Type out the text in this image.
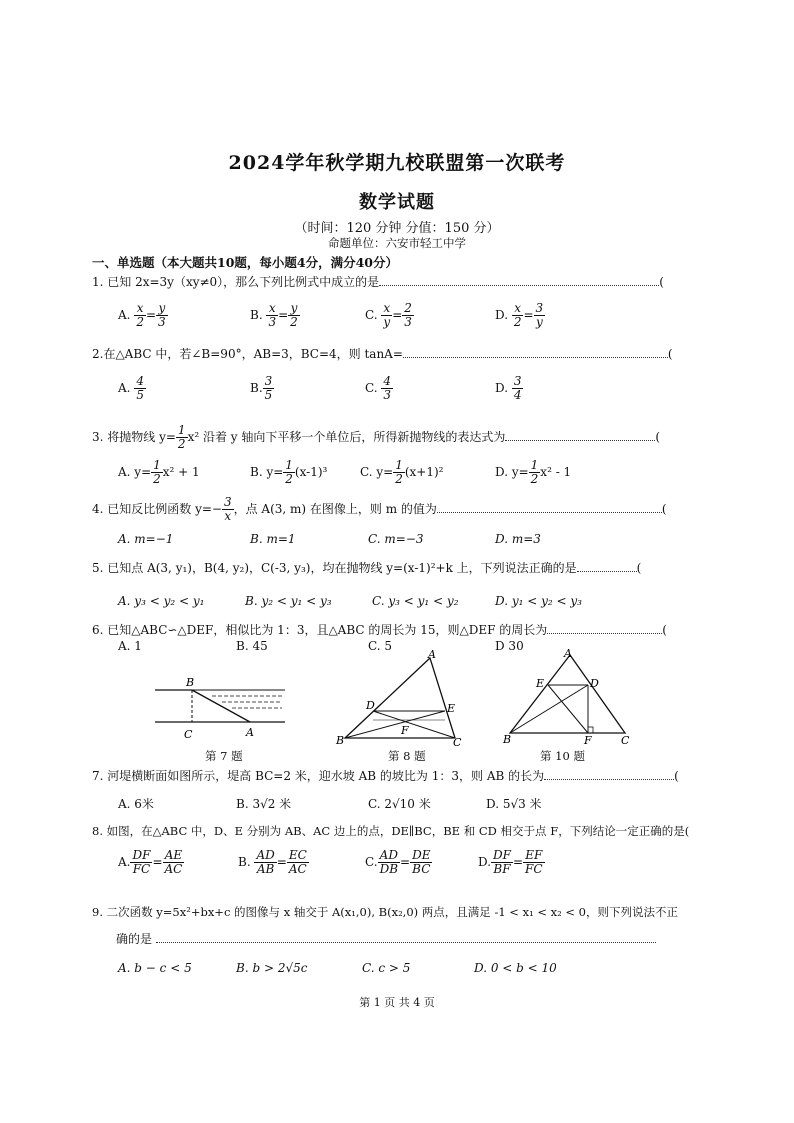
2024学年秋学期九校联盟第一次联考
数学试题
（时间：120 分钟 分值：150 分）
命题单位：六安市轻工中学
一、单选题（本大题共10题，每小题4分，满分40分）
1. 已知 2x=3y（xy≠0），那么下列比例式中成立的是	(
A. $\frac{x}{2} = \frac{y}{3}$	B. $\frac{x}{3} = \frac{y}{2}$	C. $\frac{x}{y} = \frac{2}{3}$	D. $\frac{x}{2} = \frac{3}{y}$
2.在△ABC 中，若∠B=90°，AB=3，BC=4，则 tanA=	(
A. $\frac{4}{5}$	B. $\frac{3}{5}$	C. $\frac{4}{3}$	D. $\frac{3}{4}$
3. 将抛物线 $y= \frac{1}{2} x^2$ 沿着 y 轴向下平移一个单位后，所得新抛物线的表达式为	(
A. $y= \frac{1}{2} x^2 + 1$	B. $y= \frac{1}{2} (x-1)^3$	C. $y= \frac{1}{2} (x+1)^2$	D. $y= \frac{1}{2} x^2 - 1$
4. 已知反比例函数 $y=- \frac{3}{x}$ ，点 A(3, m) 在图像上，则 m 的值为	(
A. m=−1	B. m=1	C. m=−3	D. m=3
5. 已知点 A(3, y₁)，B(4, y₂)，C(-3, y₃)，均在抛物线 y=(x-1)²+k 上，下列说法正确的是	(
A. y₃ < y₂ < y₁	B. y₂ < y₁ < y₃	C. y₃ < y₁ < y₂	D. y₁ < y₂ < y₃
6. 已知△ABC∽△DEF，相似比为 1：3，且△ABC 的周长为 15，则△DEF 的周长为	(
A. 1	B. 45	C. 5	D 30
B
C	A
第 7 题
A
B	C
D	E
F
第 8 题
A
B	C
D
E
F
第 10 题
7. 河堤横断面如图所示，堤高 BC=2 米，迎水坡 AB 的坡比为 1：3，则 AB 的长为	(
A. 6米	B. 3√2 米	C. 2√10 米	D. 5√3 米
8. 如图，在△ABC 中，D、E 分别为 AB、AC 边上的点，DE∥BC，BE 和 CD 相交于点 F，下列结论一定正确的是(
A. $\frac{DF}{FC} = \frac{AE}{AC}$	B. $\frac{AD}{AB} = \frac{EC}{AC}$	C. $\frac{AD}{DB} = \frac{DE}{BC}$	D. $\frac{DF}{BF} = \frac{EF}{FC}$
9. 二次函数 y=5x²+bx+c 的图像与 x 轴交于 A(x₁,0), B(x₂,0) 两点，且满足 -1 < x₁ < x₂ < 0，则下列说法不正
确的是
A. b − c < 5	B. b > 2√5c	C. c > 5	D. 0 < b < 10
第 1 页 共 4 页
